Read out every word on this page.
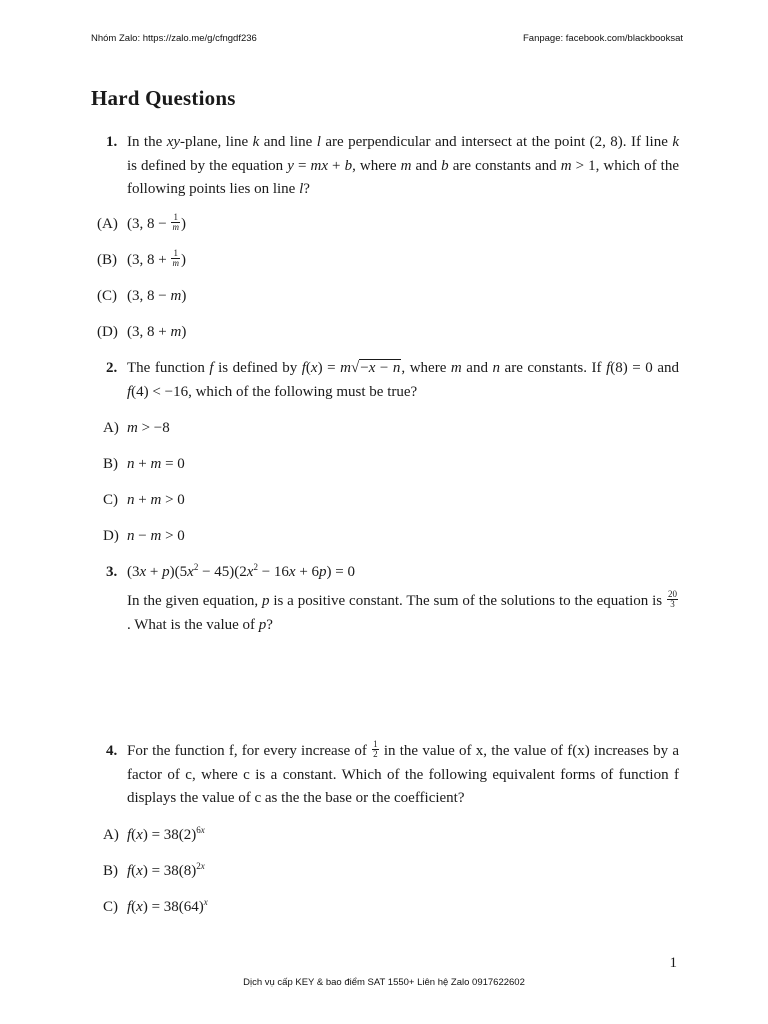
Nhóm Zalo: https://zalo.me/g/cfngdf236	Fanpage: facebook.com/blackbooksat
Hard Questions
1. In the xy-plane, line k and line l are perpendicular and intersect at the point (2, 8). If line k is defined by the equation y = mx + b, where m and b are constants and m > 1, which of the following points lies on line l?
(A) (3, $8 - \frac{1}{m}$ )
(B) (3, $8 + \frac{1}{m}$ )
(C) (3, 8 − m)
(D) (3, 8 + m)
2. The function f is defined by f(x) = m√−x − n, where m and n are constants. If f(8) = 0 and f(4) < −16, which of the following must be true?
A) m > −8
B) n + m = 0
C) n + m > 0
D) n − m > 0
3. $(3x + p)(5x^2 - 45)(2x^2 - 16x + 6p) = 0$
In the given equation, p is a positive constant. The sum of the solutions to the equation is $\frac{20}{3}$
. What is the value of p?
4. For the function f, for every increase of $\frac{1}{2}$ in the value of x, the value of f(x) increases by a factor of c, where c is a constant. Which of the following equivalent forms of function f displays the value of c as the the base or the coefficient?
A) $f(x) = 38(2)^{6x}$
B) $f(x) = 38(8)^{2x}$
C) $f(x) = 38(64)^x$
1
Dịch vụ cấp KEY & bao điểm SAT 1550+ Liên hệ Zalo 0917622602
